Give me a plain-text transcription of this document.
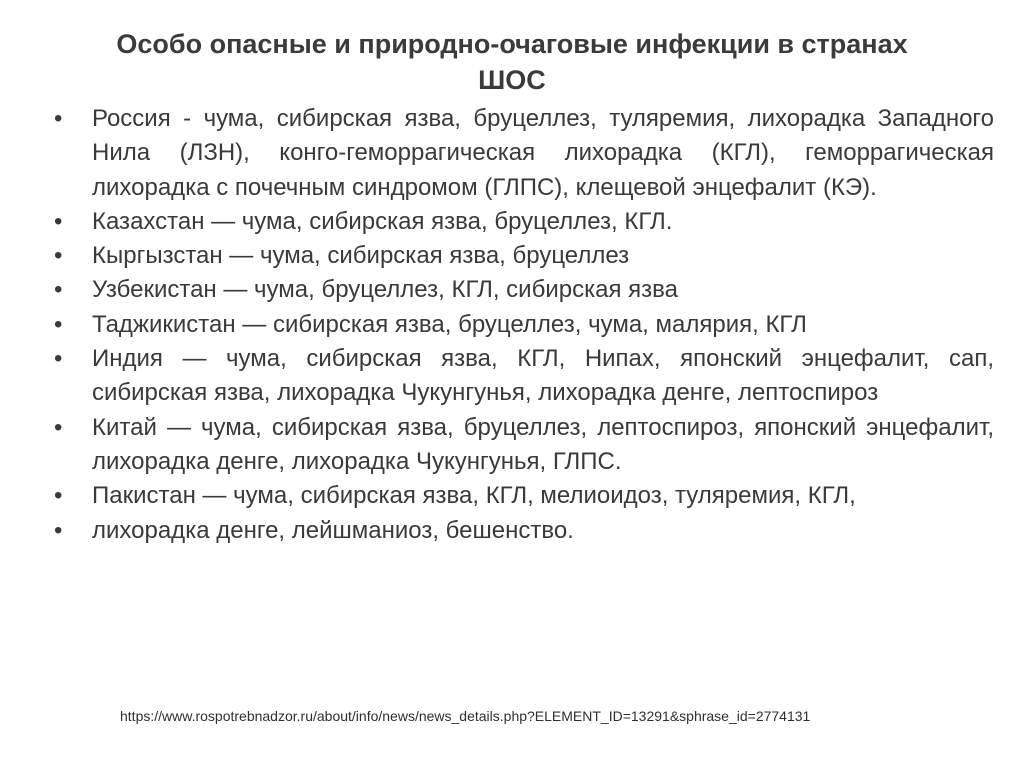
Особо опасные и природно-очаговые инфекции в странах
ШОС
•	Россия - чума, сибирская язва, бруцеллез, туляремия, лихорадка Западного Нила (ЛЗН), конго-геморрагическая лихорадка (КГЛ), геморрагическая лихорадка с почечным синдромом (ГЛПС), клещевой энцефалит (КЭ).
•	Казахстан — чума, сибирская язва, бруцеллез, КГЛ.
•	Кыргызстан — чума, сибирская язва, бруцеллез
•	Узбекистан — чума, бруцеллез, КГЛ, сибирская язва
•	Таджикистан — сибирская язва, бруцеллез, чума, малярия, КГЛ
•	Индия — чума, сибирская язва, КГЛ, Нипах, японский энцефалит, сап, сибирская язва, лихорадка Чукунгунья, лихорадка денге, лептоспироз
•	Китай — чума, сибирская язва, бруцеллез, лептоспироз, японский энцефалит, лихорадка денге, лихорадка Чукунгунья, ГЛПС.
•	Пакистан — чума, сибирская язва, КГЛ, мелиоидоз, туляремия, КГЛ,
•	лихорадка денге, лейшманиоз, бешенство.
https://www.rospotrebnadzor.ru/about/info/news/news_details.php?ELEMENT_ID=13291&sphrase_id=2774131
